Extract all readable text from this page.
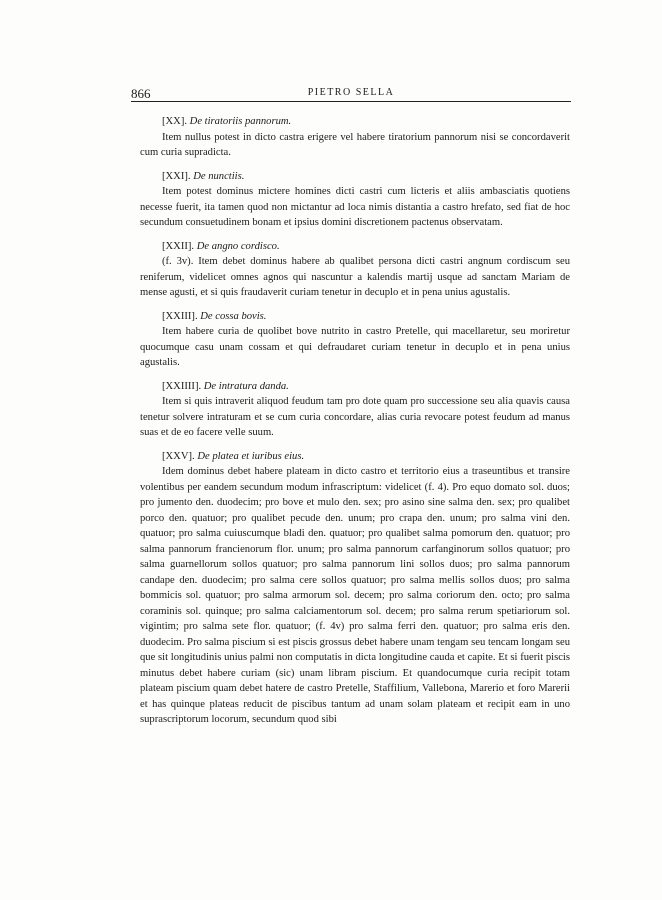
866	PIETRO SELLA
[XX]. De tiratoriis pannorum.

Item nullus potest in dicto castra erigere vel habere tiratorium pannorum nisi se concordaverit cum curia supradicta.

[XXI]. De nunctiis.

Item potest dominus mictere homines dicti castri cum licteris et aliis ambasciatis quotiens necesse fuerit, ita tamen quod non mictantur ad loca nimis distantia a castro hrefato, sed fiat de hoc secundum consuetudinem bonam et ipsius domini discretionem pactenus observatam.

[XXII]. De angno cordisco.

(f. 3v). Item debet dominus habere ab qualibet persona dicti castri angnum cordiscum seu reniferum, videlicet omnes agnos qui nascuntur a kalendis martij usque ad sanctam Mariam de mense agusti, et si quis fraudaverit curiam tenetur in decuplo et in pena unius agustalis.

[XXIII]. De cossa bovis.

Item habere curia de quolibet bove nutrito in castro Pretelle, qui macellaretur, seu moriretur quocumque casu unam cossam et qui defraudaret curiam tenetur in decuplo et in pena unius agustalis.

[XXIIII]. De intratura danda.

Item si quis intraverit aliquod feudum tam pro dote quam pro successione seu alia quavis causa tenetur solvere intraturam et se cum curia concordare, alias curia revocare potest feudum ad manus suas et de eo facere velle suum.

[XXV]. De platea et iuribus eius.

Idem dominus debet habere plateam in dicto castro et territorio eius a traseuntibus et transire volentibus per eandem secundum modum infrascriptum: videlicet (f. 4). Pro equo domato sol. duos; pro jumento den. duodecim; pro bove et mulo den. sex; pro asino sine salma den. sex; pro qualibet porco den. quatuor; pro qualibet pecude den. unum; pro crapa den. unum; pro salma vini den. quatuor; pro salma cuiuscumque bladi den. quatuor; pro qualibet salma pomorum den. quatuor; pro salma pannorum francienorum flor. unum; pro salma pannorum carfanginorum sollos quatuor; pro salma guarnellorum sollos quatuor; pro salma pannorum lini sollos duos; pro salma pannorum candape den. duodecim; pro salma cere sollos quatuor; pro salma mellis sollos duos; pro salma bommicis sol. quatuor; pro salma armorum sol. decem; pro salma coriorum den. octo; pro salma coraminis sol. quinque; pro salma calciamentorum sol. decem; pro salma rerum spetiariorum sol. vigintim; pro salma sete flor. quatuor; (f. 4v) pro salma ferri den. quatuor; pro salma eris den. duodecim. Pro salma piscium si est piscis grossus debet habere unam tengam seu tencam longam seu que sit longitudinis unius palmi non computatis in dicta longitudine cauda et capite. Et si fuerit piscis minutus debet habere curiam (sic) unam libram piscium. Et quandocumque curia recipit totam plateam piscium quam debet hatere de castro Pretelle, Staffilium, Vallebona, Marerio et foro Marerii et has quinque plateas reducit de piscibus tantum ad unam solam plateam et recipit eam in uno suprascriptorum locorum, secundum quod sibi
